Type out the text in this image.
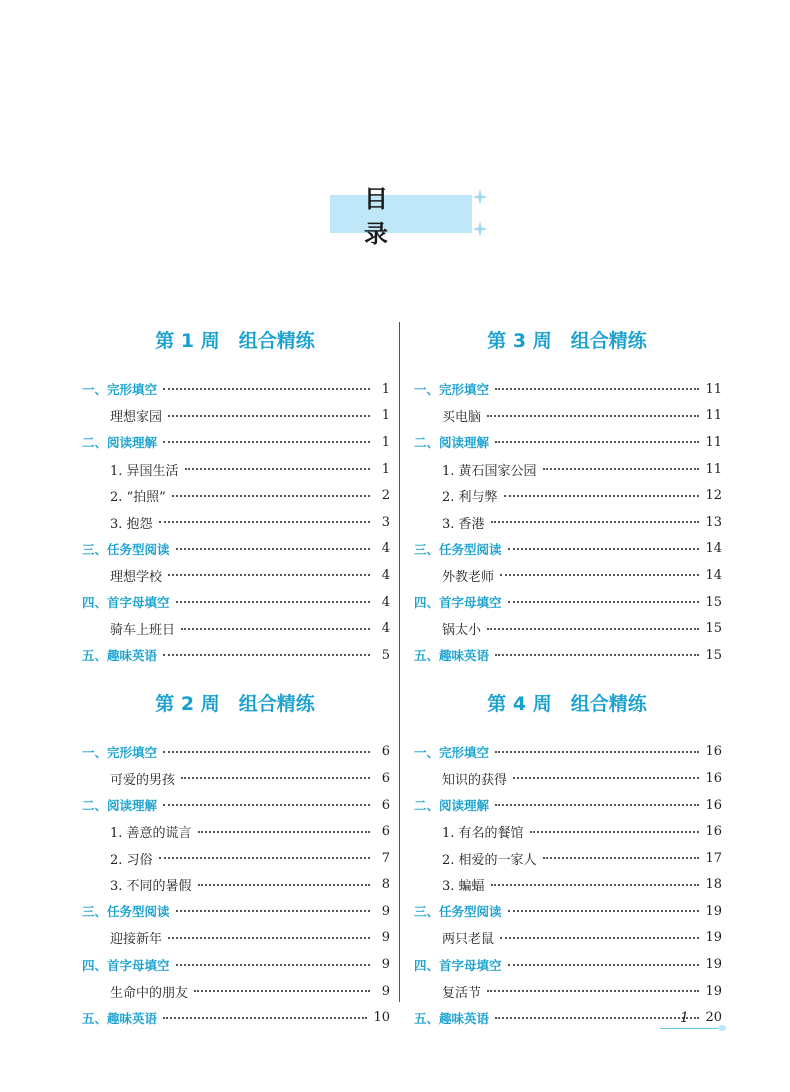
目录
第 1 周　组合精练
一、完形填空	1
理想家园	1
二、阅读理解	1
1. 异国生活	1
2. “拍照”	2
3. 抱怨	3
三、任务型阅读	4
理想学校	4
四、首字母填空	4
骑车上班日	4
五、趣味英语	5
第 2 周　组合精练
一、完形填空	6
可爱的男孩	6
二、阅读理解	6
1. 善意的谎言	6
2. 习俗	7
3. 不同的暑假	8
三、任务型阅读	9
迎接新年	9
四、首字母填空	9
生命中的朋友	9
五、趣味英语	10
第 3 周　组合精练
一、完形填空	11
买电脑	11
二、阅读理解	11
1. 黄石国家公园	11
2. 利与弊	12
3. 香港	13
三、任务型阅读	14
外教老师	14
四、首字母填空	15
锅太小	15
五、趣味英语	15
第 4 周　组合精练
一、完形填空	16
知识的获得	16
二、阅读理解	16
1. 有名的餐馆	16
2. 相爱的一家人	17
3. 蝙蝠	18
三、任务型阅读	19
两只老鼠	19
四、首字母填空	19
复活节	19
五、趣味英语	20
1
